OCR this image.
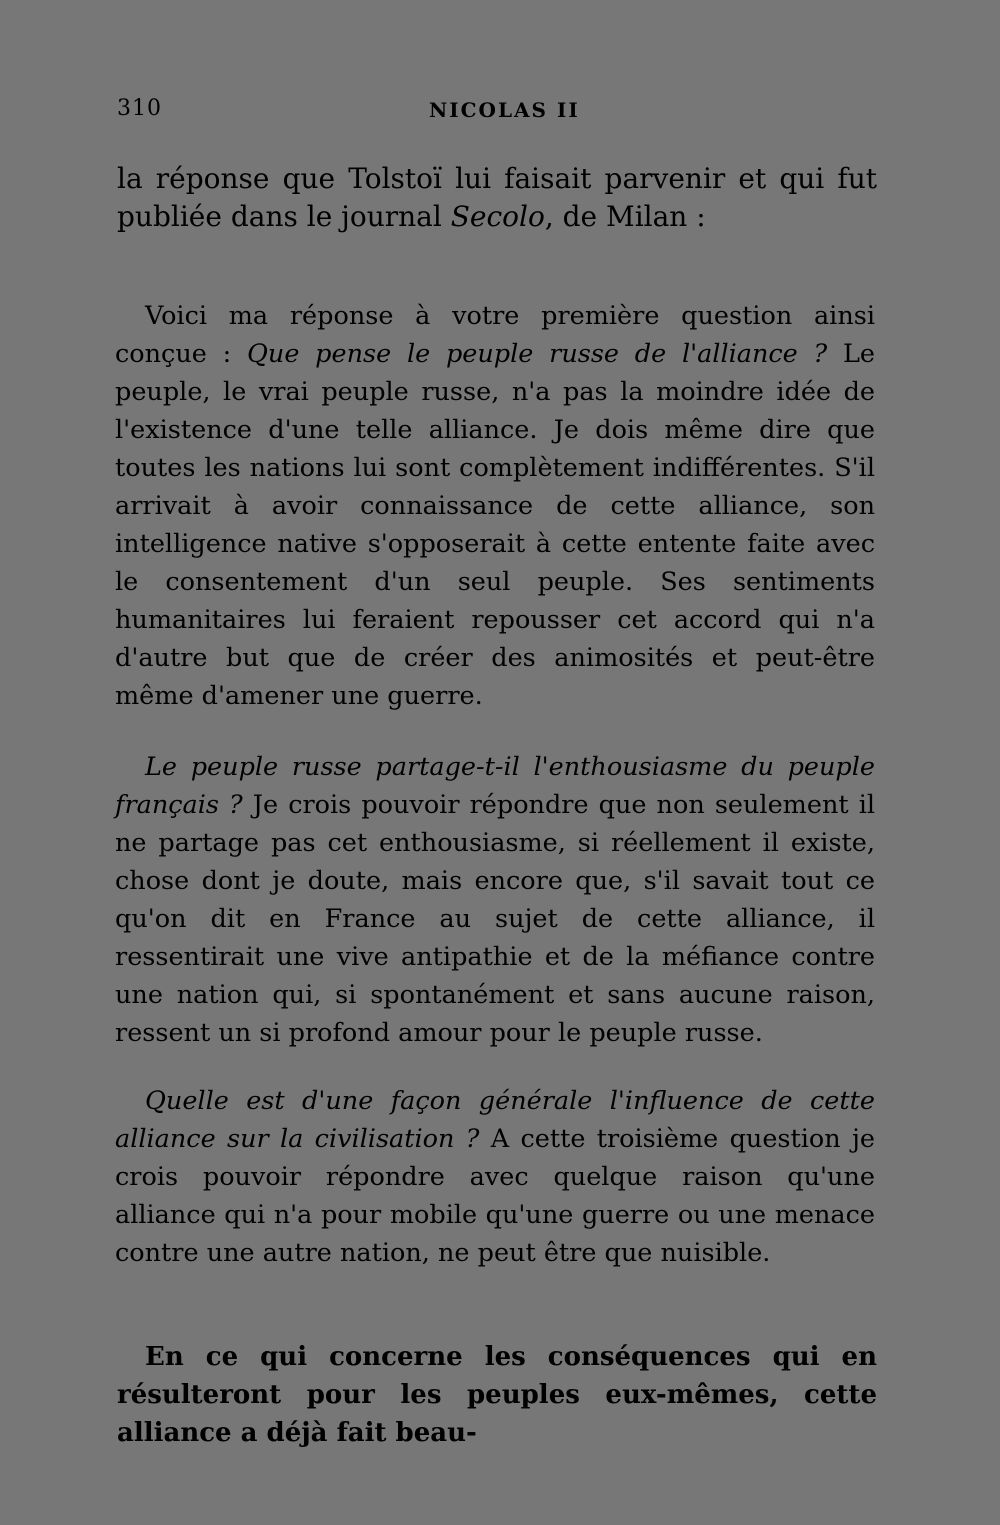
310	NICOLAS II

la réponse que Tolstoï lui faisait parvenir et qui fut publiée dans le journal Secolo, de Milan :

Voici ma réponse à votre première question ainsi conçue : Que pense le peuple russe de l'alliance ? Le peuple, le vrai peuple russe, n'a pas la moindre idée de l'existence d'une telle alliance. Je dois même dire que toutes les nations lui sont complètement indifférentes. S'il arrivait à avoir connaissance de cette alliance, son intelligence native s'opposerait à cette entente faite avec le consentement d'un seul peuple. Ses sentiments humanitaires lui feraient repousser cet accord qui n'a d'autre but que de créer des animosités et peut-être même d'amener une guerre.

Le peuple russe partage-t-il l'enthousiasme du peuple français ? Je crois pouvoir répondre que non seulement il ne partage pas cet enthousiasme, si réellement il existe, chose dont je doute, mais encore que, s'il savait tout ce qu'on dit en France au sujet de cette alliance, il ressentirait une vive antipathie et de la méfiance contre une nation qui, si spontanément et sans aucune raison, ressent un si profond amour pour le peuple russe.

Quelle est d'une façon générale l'influence de cette alliance sur la civilisation ? A cette troisième question je crois pouvoir répondre avec quelque raison qu'une alliance qui n'a pour mobile qu'une guerre ou une menace contre une autre nation, ne peut être que nuisible.

En ce qui concerne les conséquences qui en résulteront pour les peuples eux-mêmes, cette alliance a déjà fait beau-
